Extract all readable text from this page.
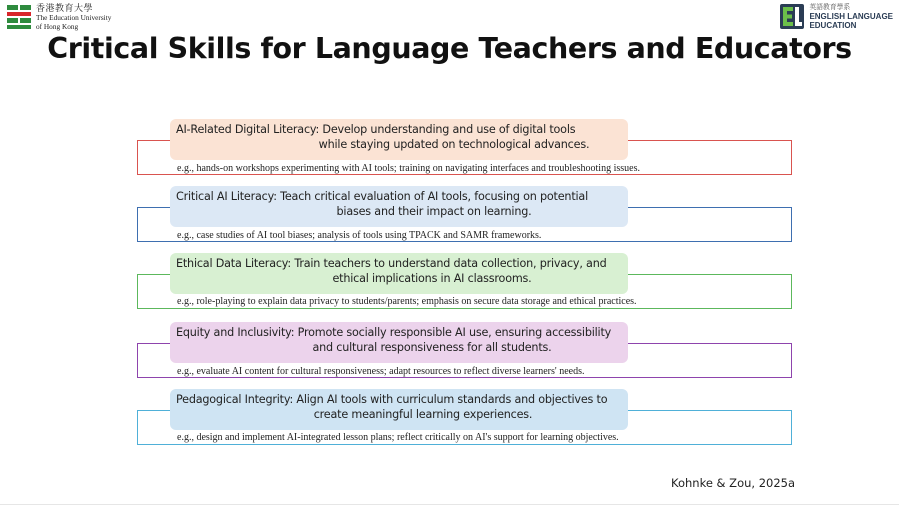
香港教育大學
The Education University
of Hong Kong
英語教育學系
ENGLISH LANGUAGE
EDUCATION
Critical Skills for Language Teachers and Educators
e.g., hands-on workshops experimenting with AI tools; training on navigating interfaces and troubleshooting issues.
AI-Related Digital Literacy: Develop understanding and use of digital tools
while staying updated on technological advances.
e.g., case studies of AI tool biases; analysis of tools using TPACK and SAMR frameworks.
Critical AI Literacy: Teach critical evaluation of AI tools, focusing on potential
biases and their impact on learning.
e.g., role-playing to explain data privacy to students/parents; emphasis on secure data storage and ethical practices.
Ethical Data Literacy: Train teachers to understand data collection, privacy, and
ethical implications in AI classrooms.
e.g., evaluate AI content for cultural responsiveness; adapt resources to reflect diverse learners' needs.
Equity and Inclusivity: Promote socially responsible AI use, ensuring accessibility
and cultural responsiveness for all students.
e.g., design and implement AI-integrated lesson plans; reflect critically on AI's support for learning objectives.
Pedagogical Integrity: Align AI tools with curriculum standards and objectives to
create meaningful learning experiences.
Kohnke & Zou, 2025a
